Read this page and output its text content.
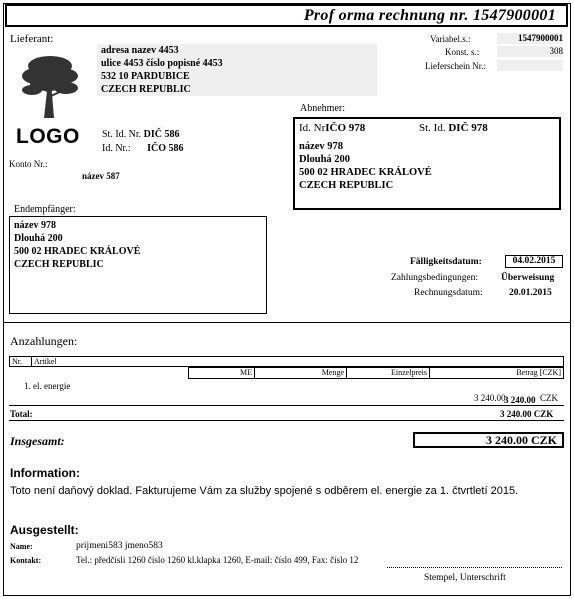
Prof orma rechnung nr. 1547900001
Lieferant:
adresa nazev 4453
ulice 4453 číslo popisné 4453
532 10 PARDUBICE
CZECH REPUBLIC
LOGO St. Id. Nr. DIČ 586
Id. Nr.: IČO 586
Konto Nr.:
název 587
Variabel.s.:	1547900001
Konst. s.:	308
Lieferschein Nr.:
Abnehmer:
Id. NrIČO 978	St. Id. DIČ 978
název 978
Dlouhá 200
500 02 HRADEC KRÁLOVÉ
CZECH REPUBLIC
Endempfänger:
název 978
Dlouhá 200
500 02 HRADEC KRÁLOVÉ
CZECH REPUBLIC	Fälligkeitsdatum:	04.02.2015
Zahlungsbedingungen: Überweisung
Rechnungsdatum:	20.01.2015
Anzahlungen:
Nr.	Artikel
ME	Menge	Einzelpreis	Betrag [CZK]
1. el. energie
3 240.00	CZK
3 240.00
Total:	3 240.00 CZK
Insgesamt:	3 240.00 CZK
Information:
Toto není daňový doklad. Fakturujeme Vám za služby spojené s odběrem el. energie za 1. čtvrtletí 2015.
Ausgestellt:
Name:	prijmeni583 jmeno583
Kontakt:	Tel.: předčísli 1260 číslo 1260 kl.klapka 1260, E-mail: číslo 499, Fax: číslo 12
Stempel, Unterschrift
